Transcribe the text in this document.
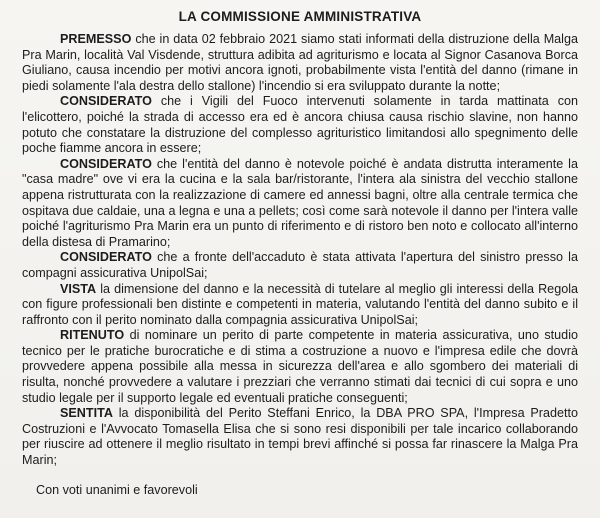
LA COMMISSIONE AMMINISTRATIVA

PREMESSO che in data 02 febbraio 2021 siamo stati informati della distruzione della Malga Pra Marin, località Val Visdende, struttura adibita ad agriturismo e locata al Signor Casanova Borca Giuliano, causa incendio per motivi ancora ignoti, probabilmente vista l'entità del danno (rimane in piedi solamente l'ala destra dello stallone) l'incendio si era sviluppato durante la notte;

CONSIDERATO che i Vigili del Fuoco intervenuti solamente in tarda mattinata con l'elicottero, poiché la strada di accesso era ed è ancora chiusa causa rischio slavine, non hanno potuto che constatare la distruzione del complesso agrituristico limitandosi allo spegnimento delle poche fiamme ancora in essere;

CONSIDERATO che l'entità del danno è notevole poiché è andata distrutta interamente la "casa madre" ove vi era la cucina e la sala bar/ristorante, l'intera ala sinistra del vecchio stallone appena ristrutturata con la realizzazione di camere ed annessi bagni, oltre alla centrale termica che ospitava due caldaie, una a legna e una a pellets; così come sarà notevole il danno per l'intera valle poiché l'agriturismo Pra Marin era un punto di riferimento e di ristoro ben noto e collocato all'interno della distesa di Pramarino;

CONSIDERATO che a fronte dell'accaduto è stata attivata l'apertura del sinistro presso la compagni assicurativa UnipolSai;

VISTA la dimensione del danno e la necessità di tutelare al meglio gli interessi della Regola con figure professionali ben distinte e competenti in materia, valutando l'entità del danno subito e il raffronto con il perito nominato dalla compagnia assicurativa UnipolSai;

RITENUTO di nominare un perito di parte competente in materia assicurativa, uno studio tecnico per le pratiche burocratiche e di stima a costruzione a nuovo e l'impresa edile che dovrà provvedere appena possibile alla messa in sicurezza dell'area e allo sgombero dei materiali di risulta, nonché provvedere a valutare i prezziari che verranno stimati dai tecnici di cui sopra e uno studio legale per il supporto legale ed eventuali pratiche conseguenti;

SENTITA la disponibilità del Perito Steffani Enrico, la DBA PRO SPA, l'Impresa Pradetto Costruzioni e l'Avvocato Tomasella Elisa che si sono resi disponibili per tale incarico collaborando per riuscire ad ottenere il meglio risultato in tempi brevi affinché si possa far rinascere la Malga Pra Marin;

Con voti unanimi e favorevoli
